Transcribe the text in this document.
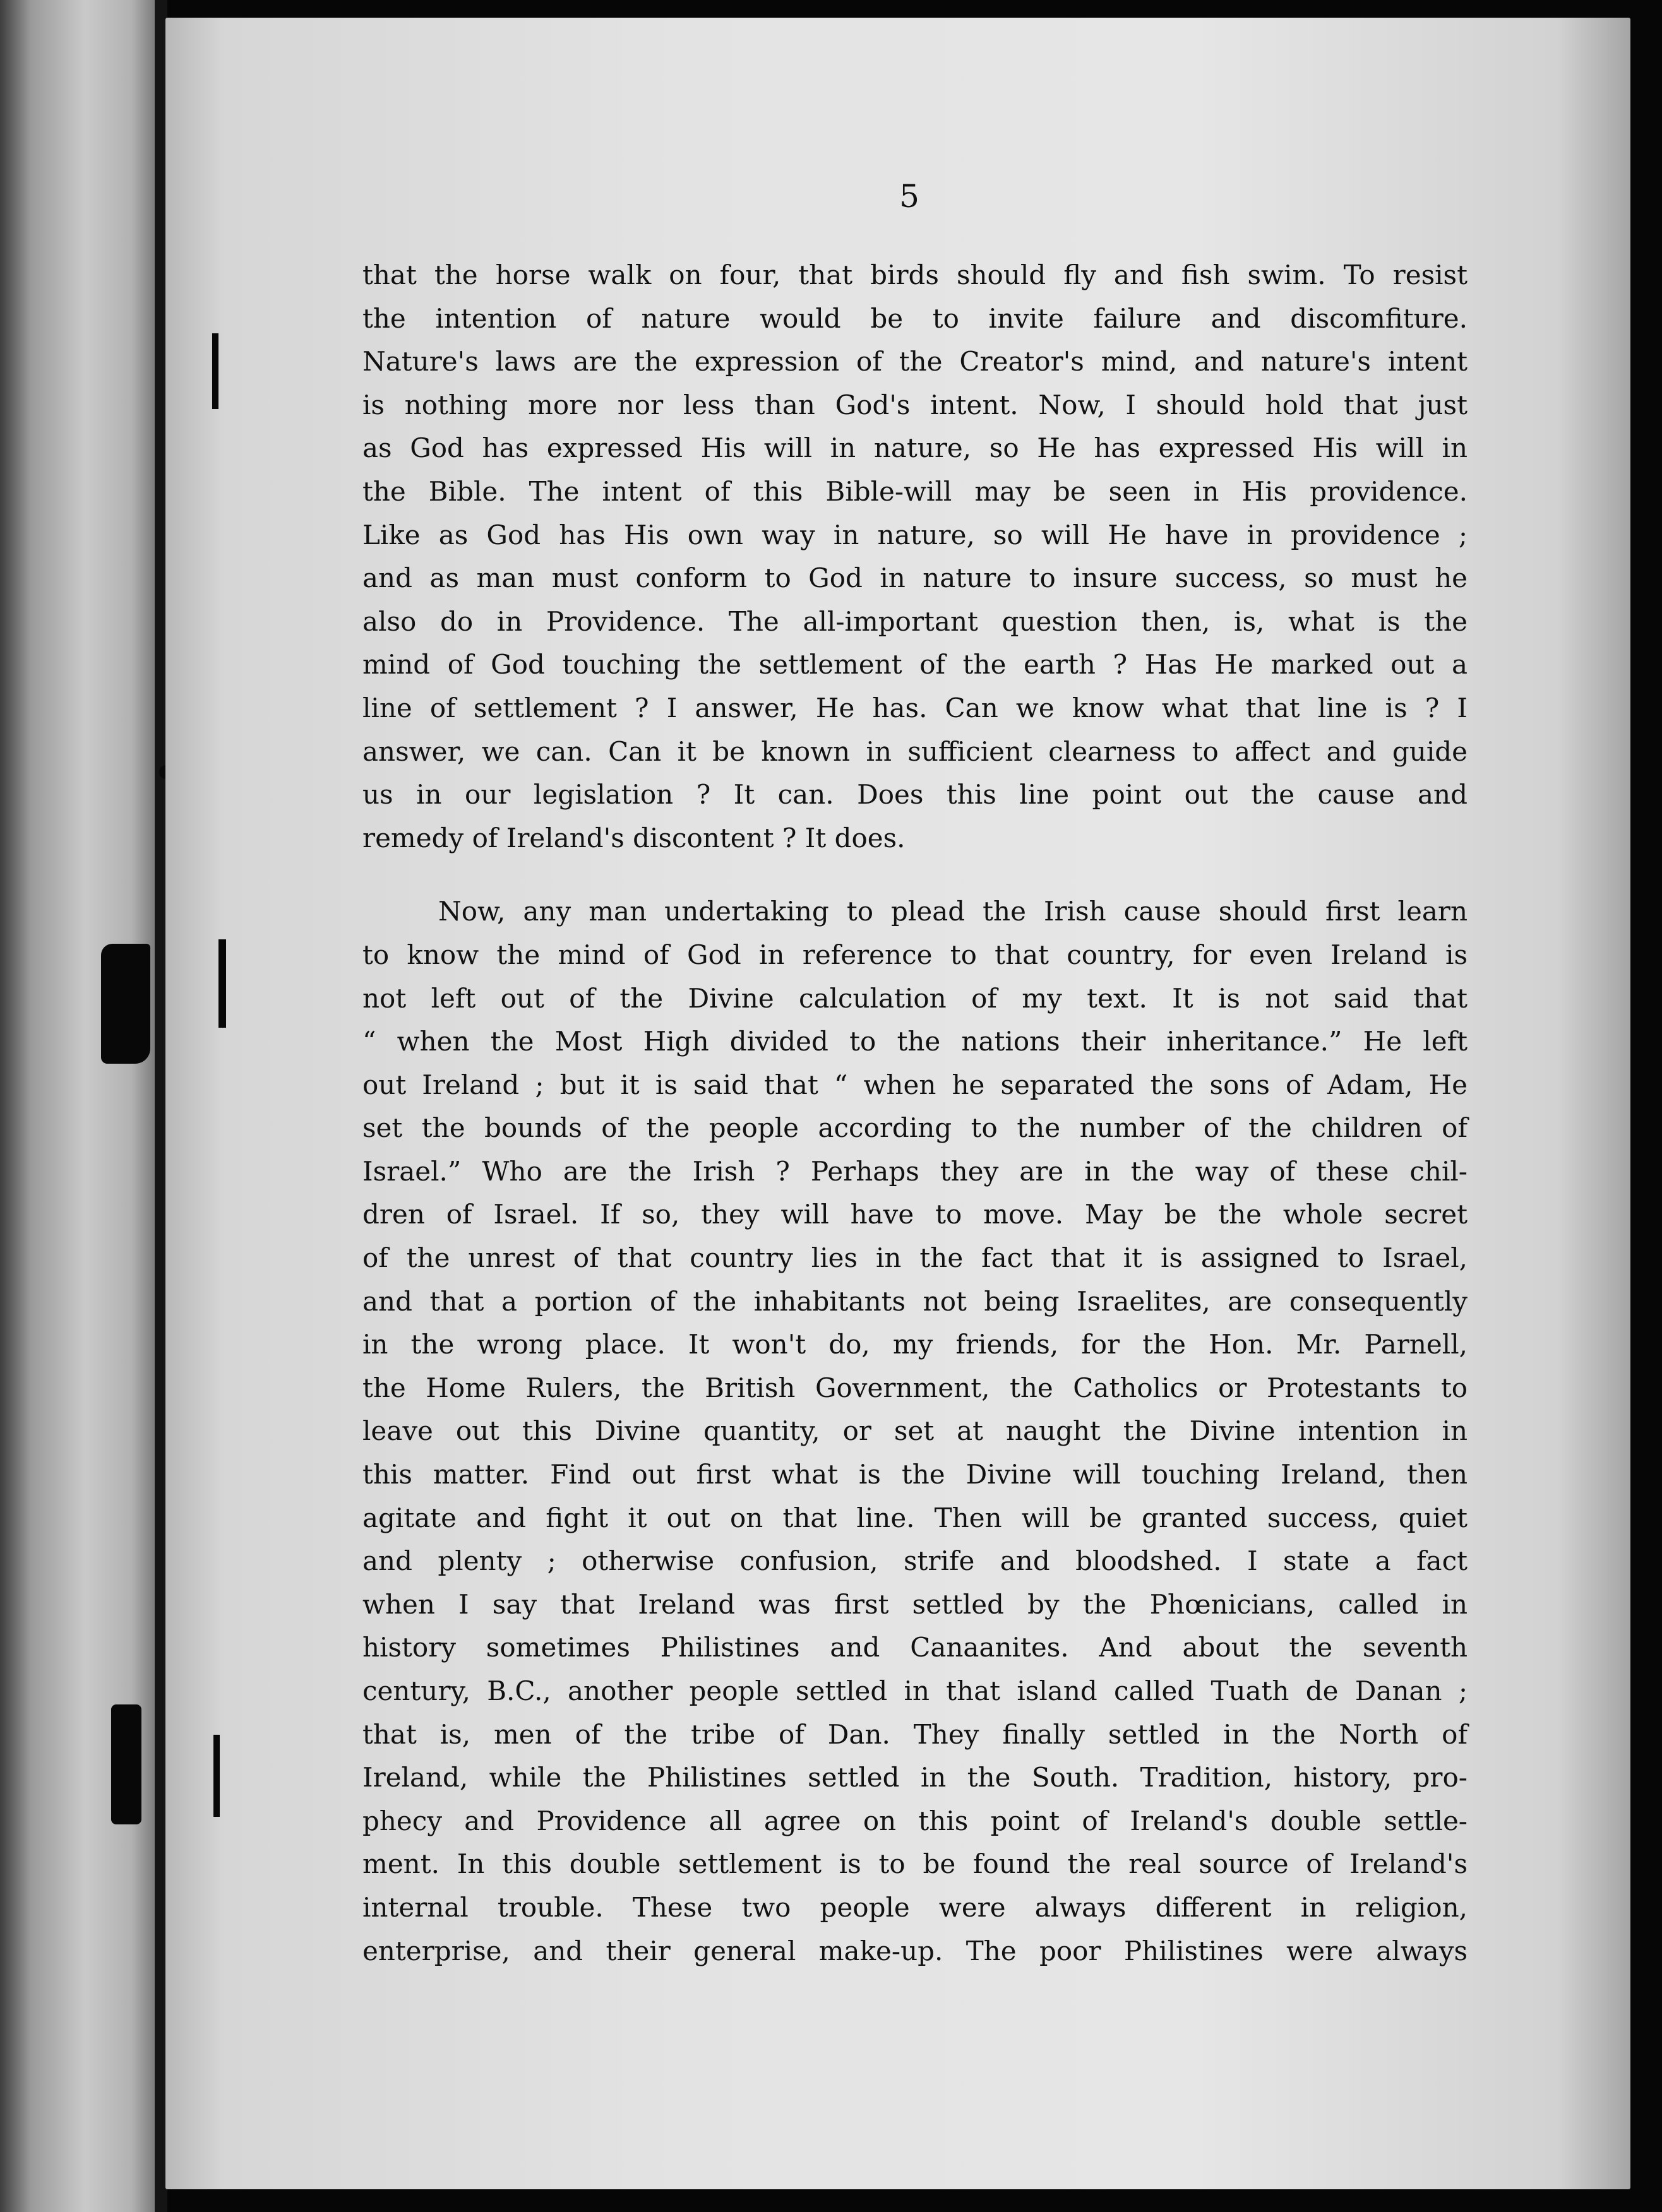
5
that the horse walk on four, that birds should fly and fish swim. To resist
the intention of nature would be to invite failure and discomfiture.
Nature's laws are the expression of the Creator's mind, and nature's intent
is nothing more nor less than God's intent. Now, I should hold that just
as God has expressed His will in nature, so He has expressed His will in
the Bible. The intent of this Bible-will may be seen in His providence.
Like as God has His own way in nature, so will He have in providence ;
and as man must conform to God in nature to insure success, so must he
also do in Providence. The all-important question then, is, what is the
mind of God touching the settlement of the earth ? Has He marked out a
line of settlement ? I answer, He has. Can we know what that line is ? I
answer, we can. Can it be known in sufficient clearness to affect and guide
us in our legislation ? It can. Does this line point out the cause and
remedy of Ireland's discontent ? It does.
Now, any man undertaking to plead the Irish cause should first learn
to know the mind of God in reference to that country, for even Ireland is
not left out of the Divine calculation of my text. It is not said that
“ when the Most High divided to the nations their inheritance.” He left
out Ireland ; but it is said that “ when he separated the sons of Adam, He
set the bounds of the people according to the number of the children of
Israel.” Who are the Irish ? Perhaps they are in the way of these chil-
dren of Israel. If so, they will have to move. May be the whole secret
of the unrest of that country lies in the fact that it is assigned to Israel,
and that a portion of the inhabitants not being Israelites, are consequently
in the wrong place. It won't do, my friends, for the Hon. Mr. Parnell,
the Home Rulers, the British Government, the Catholics or Protestants to
leave out this Divine quantity, or set at naught the Divine intention in
this matter. Find out first what is the Divine will touching Ireland, then
agitate and fight it out on that line. Then will be granted success, quiet
and plenty ; otherwise confusion, strife and bloodshed. I state a fact
when I say that Ireland was first settled by the Phœnicians, called in
history sometimes Philistines and Canaanites. And about the seventh
century, B.C., another people settled in that island called Tuath de Danan ;
that is, men of the tribe of Dan. They finally settled in the North of
Ireland, while the Philistines settled in the South. Tradition, history, pro-
phecy and Providence all agree on this point of Ireland's double settle-
ment. In this double settlement is to be found the real source of Ireland's
internal trouble. These two people were always different in religion,
enterprise, and their general make-up. The poor Philistines were always
